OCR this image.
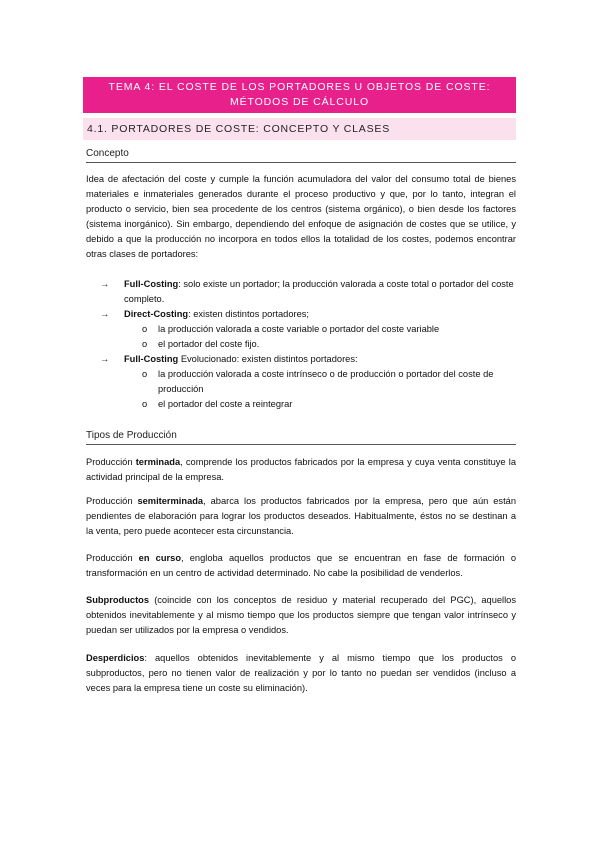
TEMA 4: EL COSTE DE LOS PORTADORES U OBJETOS DE COSTE: MÉTODOS DE CÁLCULO
4.1. PORTADORES DE COSTE: CONCEPTO Y CLASES
Concepto
Idea de afectación del coste y cumple la función acumuladora del valor del consumo total de bienes materiales e inmateriales generados durante el proceso productivo y que, por lo tanto, integran el producto o servicio, bien sea procedente de los centros (sistema orgánico), o bien desde los factores (sistema inorgánico). Sin embargo, dependiendo del enfoque de asignación de costes que se utilice, y debido a que la producción no incorpora en todos ellos la totalidad de los costes, podemos encontrar otras clases de portadores:
→ Full-Costing: solo existe un portador; la producción valorada a coste total o portador del coste completo.
→ Direct-Costing: existen distintos portadores;
o la producción valorada a coste variable o portador del coste variable
o el portador del coste fijo.
→ Full-Costing Evolucionado: existen distintos portadores:
o la producción valorada a coste intrínseco o de producción o portador del coste de producción
o el portador del coste a reintegrar
Tipos de Producción
Producción terminada, comprende los productos fabricados por la empresa y cuya venta constituye la actividad principal de la empresa.
Producción semiterminada, abarca los productos fabricados por la empresa, pero que aún están pendientes de elaboración para lograr los productos deseados. Habitualmente, éstos no se destinan a la venta, pero puede acontecer esta circunstancia.
Producción en curso, engloba aquellos productos que se encuentran en fase de formación o transformación en un centro de actividad determinado. No cabe la posibilidad de venderlos.
Subproductos (coincide con los conceptos de residuo y material recuperado del PGC), aquellos obtenidos inevitablemente y al mismo tiempo que los productos siempre que tengan valor intrínseco y puedan ser utilizados por la empresa o vendidos.
Desperdicios: aquellos obtenidos inevitablemente y al mismo tiempo que los productos o subproductos, pero no tienen valor de realización y por lo tanto no puedan ser vendidos (incluso a veces para la empresa tiene un coste su eliminación).
